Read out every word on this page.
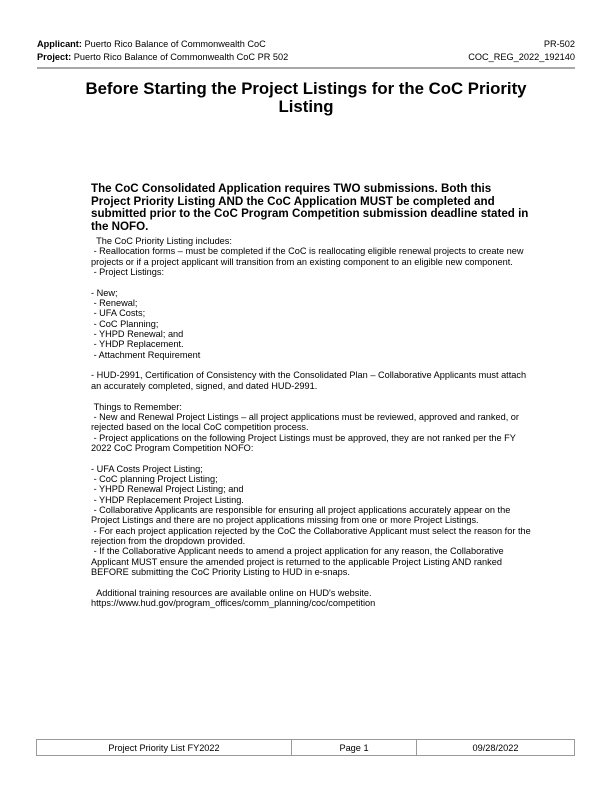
Applicant: Puerto Rico Balance of Commonwealth CoC	PR-502
Project: Puerto Rico Balance of Commonwealth CoC PR 502	COC_REG_2022_192140
Before Starting the Project Listings for the CoC Priority Listing
The CoC Consolidated Application requires TWO submissions. Both this Project Priority Listing AND the CoC Application MUST be completed and submitted prior to the CoC Program Competition submission deadline stated in the NOFO.

The CoC Priority Listing includes:

- Reallocation forms – must be completed if the CoC is reallocating eligible renewal projects to create new projects or if a project applicant will transition from an existing component to an eligible new component.

- Project Listings:

- New;

- Renewal;

- UFA Costs;

- CoC Planning;

- YHPD Renewal; and

- YHDP Replacement.

- Attachment Requirement

- HUD-2991, Certification of Consistency with the Consolidated Plan – Collaborative Applicants must attach an accurately completed, signed, and dated HUD-2991.

Things to Remember:

- New and Renewal Project Listings – all project applications must be reviewed, approved and ranked, or rejected based on the local CoC competition process.

- Project applications on the following Project Listings must be approved, they are not ranked per the FY 2022 CoC Program Competition NOFO:

- UFA Costs Project Listing;

- CoC planning Project Listing;

- YHPD Renewal Project Listing; and

- YHDP Replacement Project Listing.

- Collaborative Applicants are responsible for ensuring all project applications accurately appear on the Project Listings and there are no project applications missing from one or more Project Listings.

- For each project application rejected by the CoC the Collaborative Applicant must select the reason for the rejection from the dropdown provided.

- If the Collaborative Applicant needs to amend a project application for any reason, the Collaborative Applicant MUST ensure the amended project is returned to the applicable Project Listing AND ranked BEFORE submitting the CoC Priority Listing to HUD in e-snaps.

Additional training resources are available online on HUD's website.

https://www.hud.gov/program_offices/comm_planning/coc/competition

Project Priority List FY2022	Page 1	09/28/2022
